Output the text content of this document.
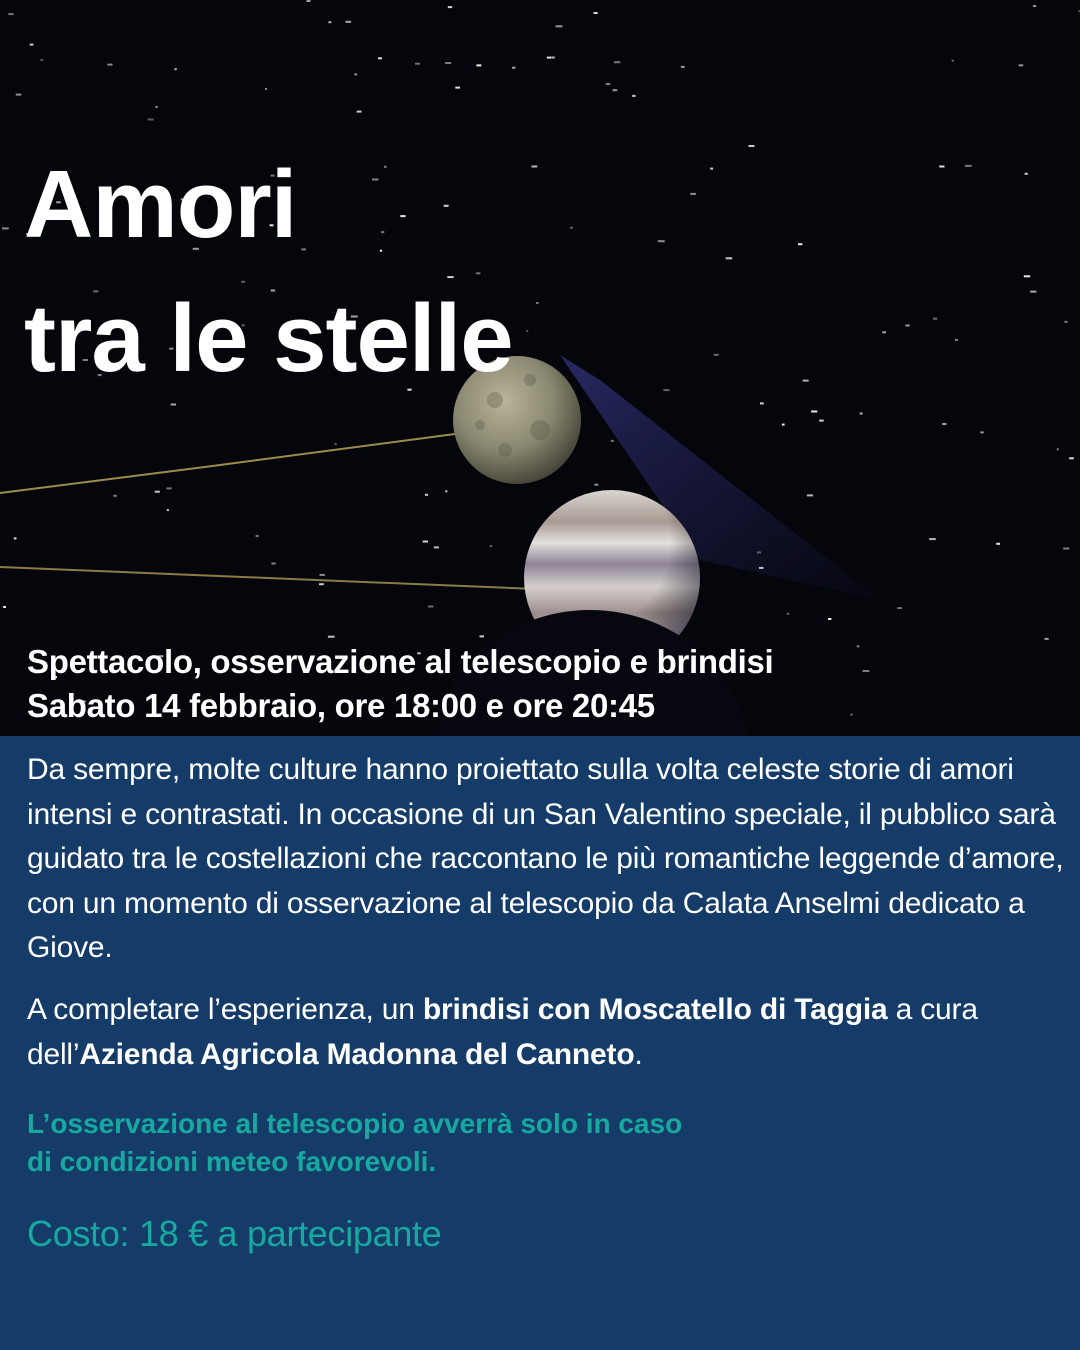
Amori
tra le stelle
Spettacolo, osservazione al telescopio e brindisi
Sabato 14 febbraio, ore 18:00 e ore 20:45

Da sempre, molte culture hanno proiettato sulla volta celeste storie di amori intensi e contrastati. In occasione di un San Valentino speciale, il pubblico sarà guidato tra le costellazioni che raccontano le più romantiche leggende d’amore, con un momento di osservazione al telescopio da Calata Anselmi dedicato a Giove.

A completare l’esperienza, un brindisi con Moscatello di Taggia a cura dell’Azienda Agricola Madonna del Canneto.

L’osservazione al telescopio avverrà solo in caso
di condizioni meteo favorevoli.

Costo: 18 € a partecipante
